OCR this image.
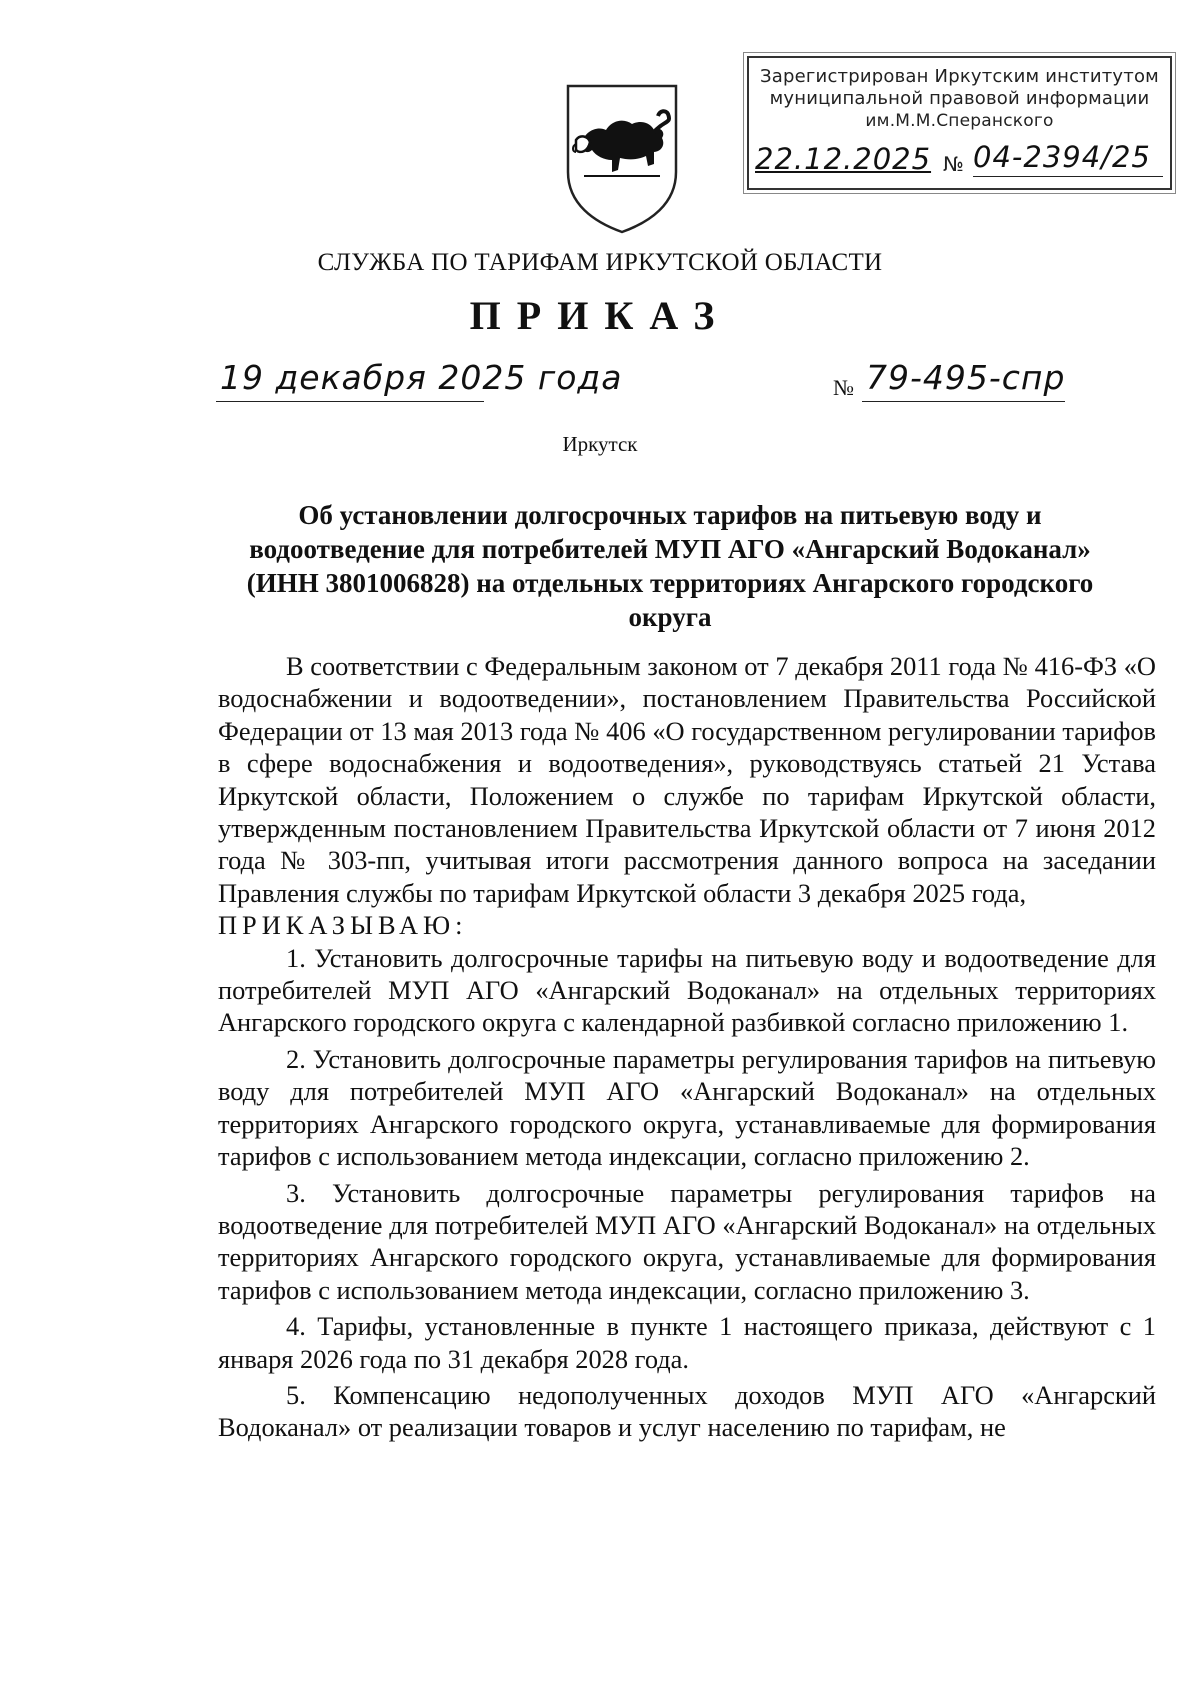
Зарегистрирован Иркутским институтом
муниципальной правовой информации
им.М.М.Сперанского
22.12.2025 № 04-2394/25
СЛУЖБА ПО ТАРИФАМ ИРКУТСКОЙ ОБЛАСТИ
ПРИКАЗ
19 декабря 2025 года	№ 79-495-спр
Иркутск
Об установлении долгосрочных тарифов на питьевую воду и водоотведение для потребителей МУП АГО «Ангарский Водоканал» (ИНН 3801006828) на отдельных территориях Ангарского городского округа

В соответствии с Федеральным законом от 7 декабря 2011 года № 416-ФЗ «О водоснабжении и водоотведении», постановлением Правительства Российской Федерации от 13 мая 2013 года № 406 «О государственном регулировании тарифов в сфере водоснабжения и водоотведения», руководствуясь статьей 21 Устава Иркутской области, Положением о службе по тарифам Иркутской области, утвержденным постановлением Правительства Иркутской области от 7 июня 2012 года № 303-пп, учитывая итоги рассмотрения данного вопроса на заседании Правления службы по тарифам Иркутской области 3 декабря 2025 года,

ПРИКАЗЫВАЮ:

1. Установить долгосрочные тарифы на питьевую воду и водоотведение для потребителей МУП АГО «Ангарский Водоканал» на отдельных территориях Ангарского городского округа с календарной разбивкой согласно приложению 1.

2. Установить долгосрочные параметры регулирования тарифов на питьевую воду для потребителей МУП АГО «Ангарский Водоканал» на отдельных территориях Ангарского городского округа, устанавливаемые для формирования тарифов с использованием метода индексации, согласно приложению 2.

3. Установить долгосрочные параметры регулирования тарифов на водоотведение для потребителей МУП АГО «Ангарский Водоканал» на отдельных территориях Ангарского городского округа, устанавливаемые для формирования тарифов с использованием метода индексации, согласно приложению 3.

4. Тарифы, установленные в пункте 1 настоящего приказа, действуют с 1 января 2026 года по 31 декабря 2028 года.

5. Компенсацию недополученных доходов МУП АГО «Ангарский Водоканал» от реализации товаров и услуг населению по тарифам, не
